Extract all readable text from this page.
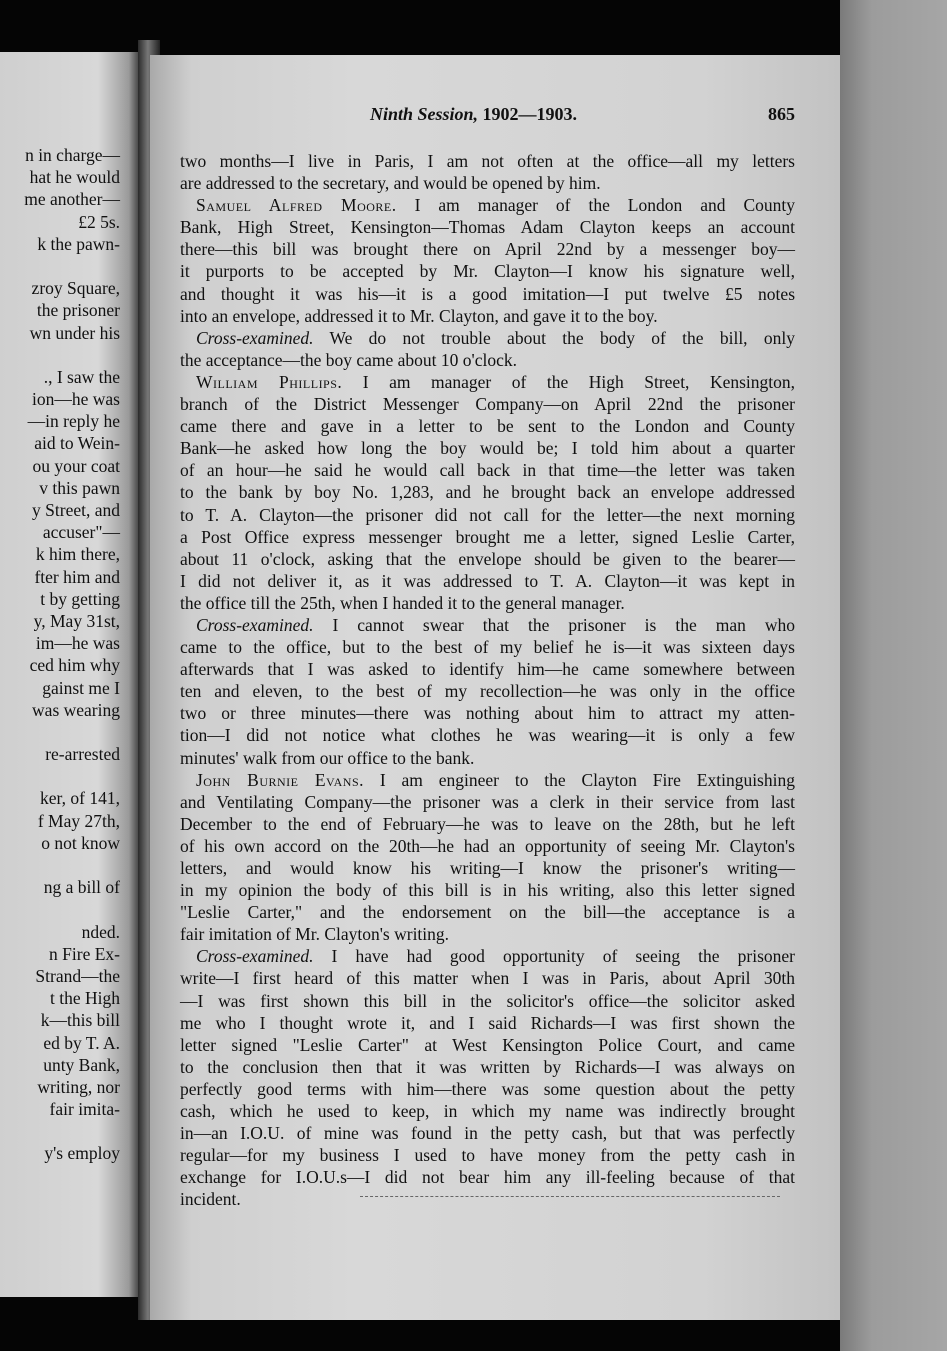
n in charge—
hat he would
me another—
£2 5s.
k the pawn-
zroy Square,
the prisoner
wn under his
., I saw the
ion—he was
—in reply he
aid to Wein-
ou your coat
v this pawn
y Street, and
accuser"—
k him there,
fter him and
t by getting
y, May 31st,
im—he was
ced him why
gainst me I
was wearing
re-arrested
ker, of 141,
f May 27th,
o not know
ng a bill of
nded.
n Fire Ex-
Strand—the
t the High
k—this bill
ed by T. A.
unty Bank,
writing, nor
fair imita-
y's employ
Ninth Session, 1902—1903.	865
two months—I live in Paris, I am not often at the office—all my letters
are addressed to the secretary, and would be opened by him.
Samuel Alfred Moore. I am manager of the London and County
Bank, High Street, Kensington—Thomas Adam Clayton keeps an account
there—this bill was brought there on April 22nd by a messenger boy—
it purports to be accepted by Mr. Clayton—I know his signature well,
and thought it was his—it is a good imitation—I put twelve £5 notes
into an envelope, addressed it to Mr. Clayton, and gave it to the boy.
Cross-examined. We do not trouble about the body of the bill, only
the acceptance—the boy came about 10 o'clock.
William Phillips. I am manager of the High Street, Kensington,
branch of the District Messenger Company—on April 22nd the prisoner
came there and gave in a letter to be sent to the London and County
Bank—he asked how long the boy would be; I told him about a quarter
of an hour—he said he would call back in that time—the letter was taken
to the bank by boy No. 1,283, and he brought back an envelope addressed
to T. A. Clayton—the prisoner did not call for the letter—the next morning
a Post Office express messenger brought me a letter, signed Leslie Carter,
about 11 o'clock, asking that the envelope should be given to the bearer—
I did not deliver it, as it was addressed to T. A. Clayton—it was kept in
the office till the 25th, when I handed it to the general manager.
Cross-examined. I cannot swear that the prisoner is the man who
came to the office, but to the best of my belief he is—it was sixteen days
afterwards that I was asked to identify him—he came somewhere between
ten and eleven, to the best of my recollection—he was only in the office
two or three minutes—there was nothing about him to attract my atten-
tion—I did not notice what clothes he was wearing—it is only a few
minutes' walk from our office to the bank.
John Burnie Evans. I am engineer to the Clayton Fire Extinguishing
and Ventilating Company—the prisoner was a clerk in their service from last
December to the end of February—he was to leave on the 28th, but he left
of his own accord on the 20th—he had an opportunity of seeing Mr. Clayton's
letters, and would know his writing—I know the prisoner's writing—
in my opinion the body of this bill is in his writing, also this letter signed
"Leslie Carter," and the endorsement on the bill—the acceptance is a
fair imitation of Mr. Clayton's writing.
Cross-examined. I have had good opportunity of seeing the prisoner
write—I first heard of this matter when I was in Paris, about April 30th
—I was first shown this bill in the solicitor's office—the solicitor asked
me who I thought wrote it, and I said Richards—I was first shown the
letter signed "Leslie Carter" at West Kensington Police Court, and came
to the conclusion then that it was written by Richards—I was always on
perfectly good terms with him—there was some question about the petty
cash, which he used to keep, in which my name was indirectly brought
in—an I.O.U. of mine was found in the petty cash, but that was perfectly
regular—for my business I used to have money from the petty cash in
exchange for I.O.U.s—I did not bear him any ill-feeling because of that
incident.
